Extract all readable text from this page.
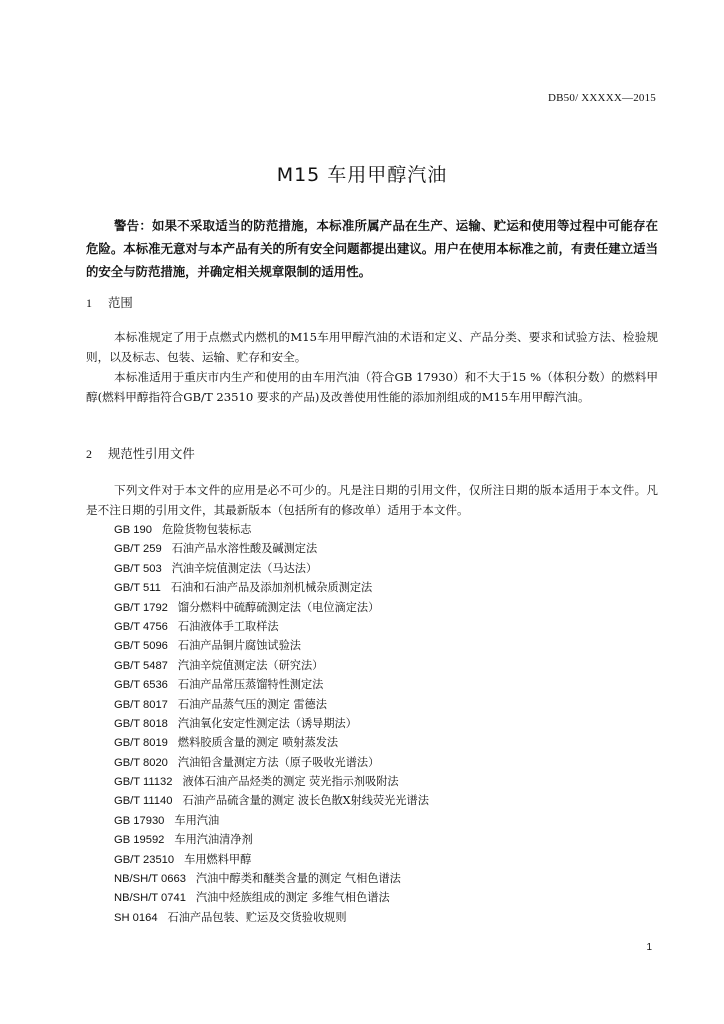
DB50/ XXXXX—2015
M15 车用甲醇汽油

警告：如果不采取适当的防范措施，本标准所属产品在生产、运输、贮运和使用等过程中可能存在危险。本标准无意对与本产品有关的所有安全问题都提出建议。用户在使用本标准之前，有责任建立适当的安全与防范措施，并确定相关规章限制的适用性。

1 范围

本标准规定了用于点燃式内燃机的M15车用甲醇汽油的术语和定义、产品分类、要求和试验方法、检验规则，以及标志、包装、运输、贮存和安全。

本标准适用于重庆市内生产和使用的由车用汽油（符合GB 17930）和不大于15 %（体积分数）的燃料甲醇(燃料甲醇指符合GB/T 23510 要求的产品)及改善使用性能的添加剂组成的M15车用甲醇汽油。

2 规范性引用文件

下列文件对于本文件的应用是必不可少的。凡是注日期的引用文件，仅所注日期的版本适用于本文件。凡是不注日期的引用文件，其最新版本（包括所有的修改单）适用于本文件。

GB 190 危险货物包装标志
GB/T 259 石油产品水溶性酸及碱测定法
GB/T 503 汽油辛烷值测定法（马达法）
GB/T 511 石油和石油产品及添加剂机械杂质测定法
GB/T 1792 馏分燃料中硫醇硫测定法（电位滴定法）
GB/T 4756 石油液体手工取样法
GB/T 5096 石油产品铜片腐蚀试验法
GB/T 5487 汽油辛烷值测定法（研究法）
GB/T 6536 石油产品常压蒸馏特性测定法
GB/T 8017 石油产品蒸气压的测定 雷德法
GB/T 8018 汽油氧化安定性测定法（诱导期法）
GB/T 8019 燃料胶质含量的测定 喷射蒸发法
GB/T 8020 汽油铅含量测定方法（原子吸收光谱法）
GB/T 11132 液体石油产品烃类的测定 荧光指示剂吸附法
GB/T 11140 石油产品硫含量的测定 波长色散X射线荧光光谱法
GB 17930 车用汽油
GB 19592 车用汽油清净剂
GB/T 23510 车用燃料甲醇
NB/SH/T 0663 汽油中醇类和醚类含量的测定 气相色谱法
NB/SH/T 0741 汽油中烃族组成的测定 多维气相色谱法
SH 0164 石油产品包装、贮运及交货验收规则
1
